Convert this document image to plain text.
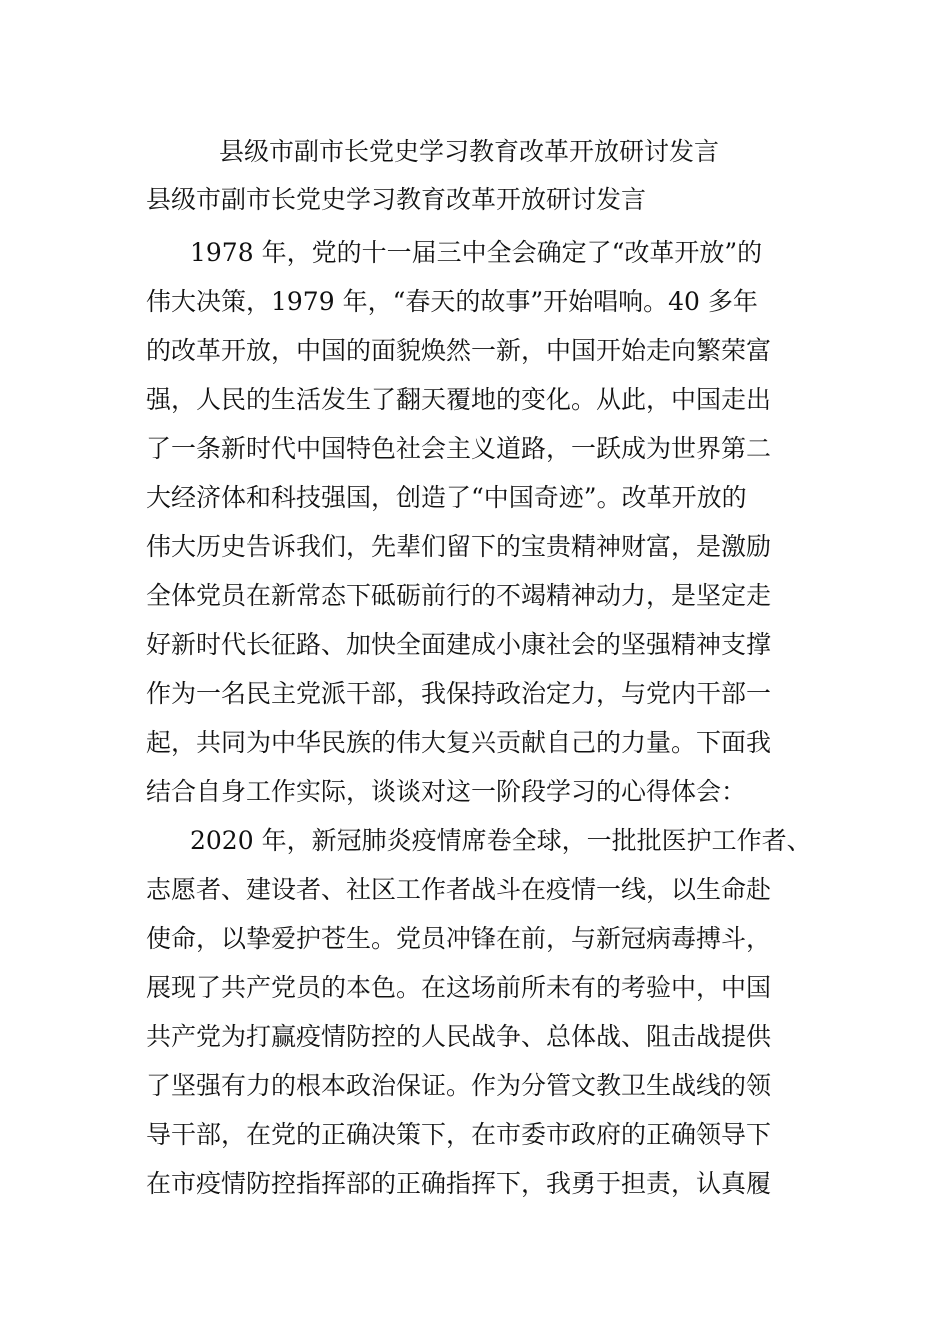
县级市副市长党史学习教育改革开放研讨发言
县级市副市长党史学习教育改革开放研讨发言
1978 年，党的十一届三中全会确定了“改革开放”的
伟大决策，1979 年，“春天的故事”开始唱响。40 多年
的改革开放，中国的面貌焕然一新，中国开始走向繁荣富
强，人民的生活发生了翻天覆地的变化。从此，中国走出
了一条新时代中国特色社会主义道路，一跃成为世界第二
大经济体和科技强国，创造了“中国奇迹”。改革开放的
伟大历史告诉我们，先辈们留下的宝贵精神财富，是激励
全体党员在新常态下砥砺前行的不竭精神动力，是坚定走
好新时代长征路、加快全面建成小康社会的坚强精神支撑
作为一名民主党派干部，我保持政治定力，与党内干部一
起，共同为中华民族的伟大复兴贡献自己的力量。下面我
结合自身工作实际，谈谈对这一阶段学习的心得体会：
2020 年，新冠肺炎疫情席卷全球，一批批医护工作者、
志愿者、建设者、社区工作者战斗在疫情一线，以生命赴
使命，以挚爱护苍生。党员冲锋在前，与新冠病毒搏斗，
展现了共产党员的本色。在这场前所未有的考验中，中国
共产党为打赢疫情防控的人民战争、总体战、阻击战提供
了坚强有力的根本政治保证。作为分管文教卫生战线的领
导干部，在党的正确决策下，在市委市政府的正确领导下
在市疫情防控指挥部的正确指挥下，我勇于担责，认真履
